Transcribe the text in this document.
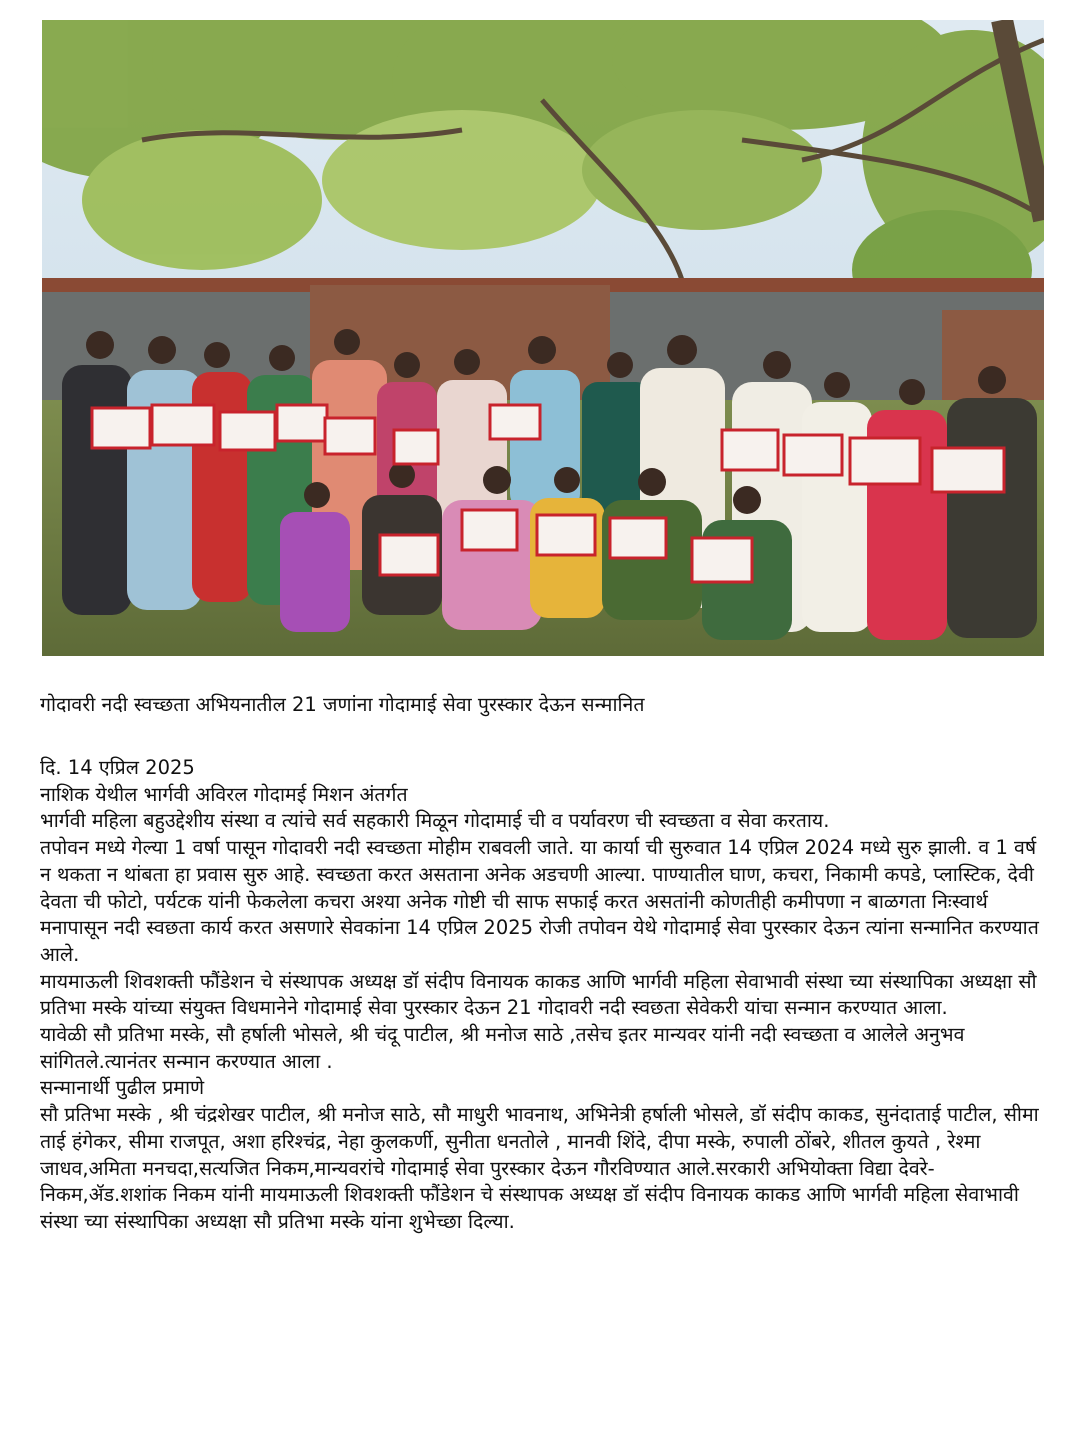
गोदावरी नदी स्वच्छता अभियनातील 21 जणांना गोदामाई सेवा पुरस्कार देऊन सन्मानित

दि. 14 एप्रिल 2025

नाशिक येथील भार्गवी अविरल गोदामई मिशन अंतर्गत

भार्गवी महिला बहुउद्देशीय संस्था व त्यांचे सर्व सहकारी मिळून गोदामाई ची व पर्यावरण ची स्वच्छता व सेवा करताय.

तपोवन मध्ये गेल्या 1 वर्षा पासून गोदावरी नदी स्वच्छता मोहीम राबवली जाते. या कार्या ची सुरुवात 14 एप्रिल 2024 मध्ये सुरु झाली. व 1 वर्ष न थकता न थांबता हा प्रवास सुरु आहे. स्वच्छता करत असताना अनेक अडचणी आल्या. पाण्यातील घाण, कचरा, निकामी कपडे, प्लास्टिक, देवी देवता ची फोटो, पर्यटक यांनी फेकलेला कचरा अश्या अनेक गोष्टी ची साफ सफाई करत असतांनी कोणतीही कमीपणा न बाळगता निःस्वार्थ मनापासून नदी स्वछता कार्य करत असणारे सेवकांना 14 एप्रिल 2025 रोजी तपोवन येथे गोदामाई सेवा पुरस्कार देऊन त्यांना सन्मानित करण्यात आले.

मायमाऊली शिवशक्ती फौंडेशन चे संस्थापक अध्यक्ष डॉ संदीप विनायक काकड आणि भार्गवी महिला सेवाभावी संस्था च्या संस्थापिका अध्यक्षा सौ प्रतिभा मस्के यांच्या संयुक्त विधमानेने गोदामाई सेवा पुरस्कार देऊन 21 गोदावरी नदी स्वछता सेवेकरी यांचा सन्मान करण्यात आला.

यावेळी सौ प्रतिभा मस्के, सौ हर्षाली भोसले, श्री चंदू पाटील, श्री मनोज साठे ,तसेच इतर मान्यवर यांनी नदी स्वच्छता व आलेले अनुभव सांगितले.त्यानंतर सन्मान करण्यात आला .

सन्मानार्थी पुढील प्रमाणे

सौ प्रतिभा मस्के , श्री चंद्रशेखर पाटील, श्री मनोज साठे, सौ माधुरी भावनाथ, अभिनेत्री हर्षाली भोसले, डॉ संदीप काकड, सुनंदाताई पाटील, सीमा ताई हंगेकर, सीमा राजपूत, अशा हरिश्चंद्र, नेहा कुलकर्णी, सुनीता धनतोले , मानवी शिंदे, दीपा मस्के, रुपाली ठोंबरे, शीतल कुयते , रेश्मा जाधव,अमिता मनचदा,सत्यजित निकम,मान्यवरांचे गोदामाई सेवा पुरस्कार देऊन गौरविण्यात आले.सरकारी अभियोक्ता विद्या देवरे-निकम,ॲड.शशांक निकम यांनी मायमाऊली शिवशक्ती फौंडेशन चे संस्थापक अध्यक्ष डॉ संदीप विनायक काकड आणि भार्गवी महिला सेवाभावी संस्था च्या संस्थापिका अध्यक्षा सौ प्रतिभा मस्के यांना शुभेच्छा दिल्या.
